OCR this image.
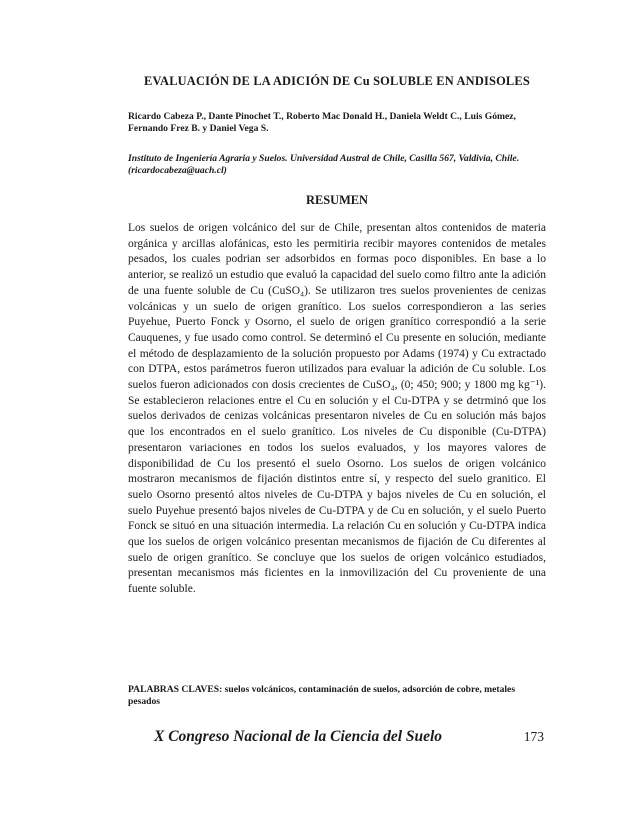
EVALUACIÓN DE LA ADICIÓN DE Cu SOLUBLE EN ANDISOLES
Ricardo Cabeza P., Dante Pinochet T., Roberto Mac Donald H., Daniela Weldt C., Luis Gómez, Fernando Frez B. y Daniel Vega S.
Instituto de Ingeniería Agraria y Suelos. Universidad Austral de Chile, Casilla 567, Valdivia, Chile. (ricardocabeza@uach.cl)
RESUMEN
Los suelos de origen volcánico del sur de Chile, presentan altos contenidos de materia orgánica y arcillas alofánicas, esto les permitiria recibir mayores contenidos de metales pesados, los cuales podrian ser adsorbidos en formas poco disponibles. En base a lo anterior, se realizó un estudio que evaluó la capacidad del suelo como filtro ante la adición de una fuente soluble de Cu (CuSO₄). Se utilizaron tres suelos provenientes de cenizas volcánicas y un suelo de origen granítico. Los suelos correspondieron a las series Puyehue, Puerto Fonck y Osorno, el suelo de origen granítico correspondió a la serie Cauquenes, y fue usado como control. Se determinó el Cu presente en solución, mediante el método de desplazamiento de la solución propuesto por Adams (1974) y Cu extractado con DTPA, estos parámetros fueron utilizados para evaluar la adición de Cu soluble. Los suelos fueron adicionados con dosis crecientes de CuSO₄, (0; 450; 900; y 1800 mg kg⁻¹). Se establecieron relaciones entre el Cu en solución y el Cu-DTPA y se detrminó que los suelos derivados de cenizas volcánicas presentaron niveles de Cu en solución más bajos que los encontrados en el suelo granítico. Los niveles de Cu disponible (Cu-DTPA) presentaron variaciones en todos los suelos evaluados, y los mayores valores de disponibilidad de Cu los presentó el suelo Osorno. Los suelos de origen volcánico mostraron mecanismos de fijación distintos entre sí, y respecto del suelo granitico. El suelo Osorno presentó altos niveles de Cu-DTPA y bajos niveles de Cu en solución, el suelo Puyehue presentó bajos niveles de Cu-DTPA y de Cu en solución, y el suelo Puerto Fonck se situó en una situación intermedia. La relación Cu en solución y Cu-DTPA indica que los suelos de origen volcánico presentan mecanismos de fijación de Cu diferentes al suelo de origen granítico. Se concluye que los suelos de origen volcánico estudiados, presentan mecanismos más ficientes en la inmovilización del Cu proveniente de una fuente soluble.
PALABRAS CLAVES: suelos volcánicos, contaminación de suelos, adsorción de cobre, metales pesados
X Congreso Nacional de la Ciencia del Suelo	173
